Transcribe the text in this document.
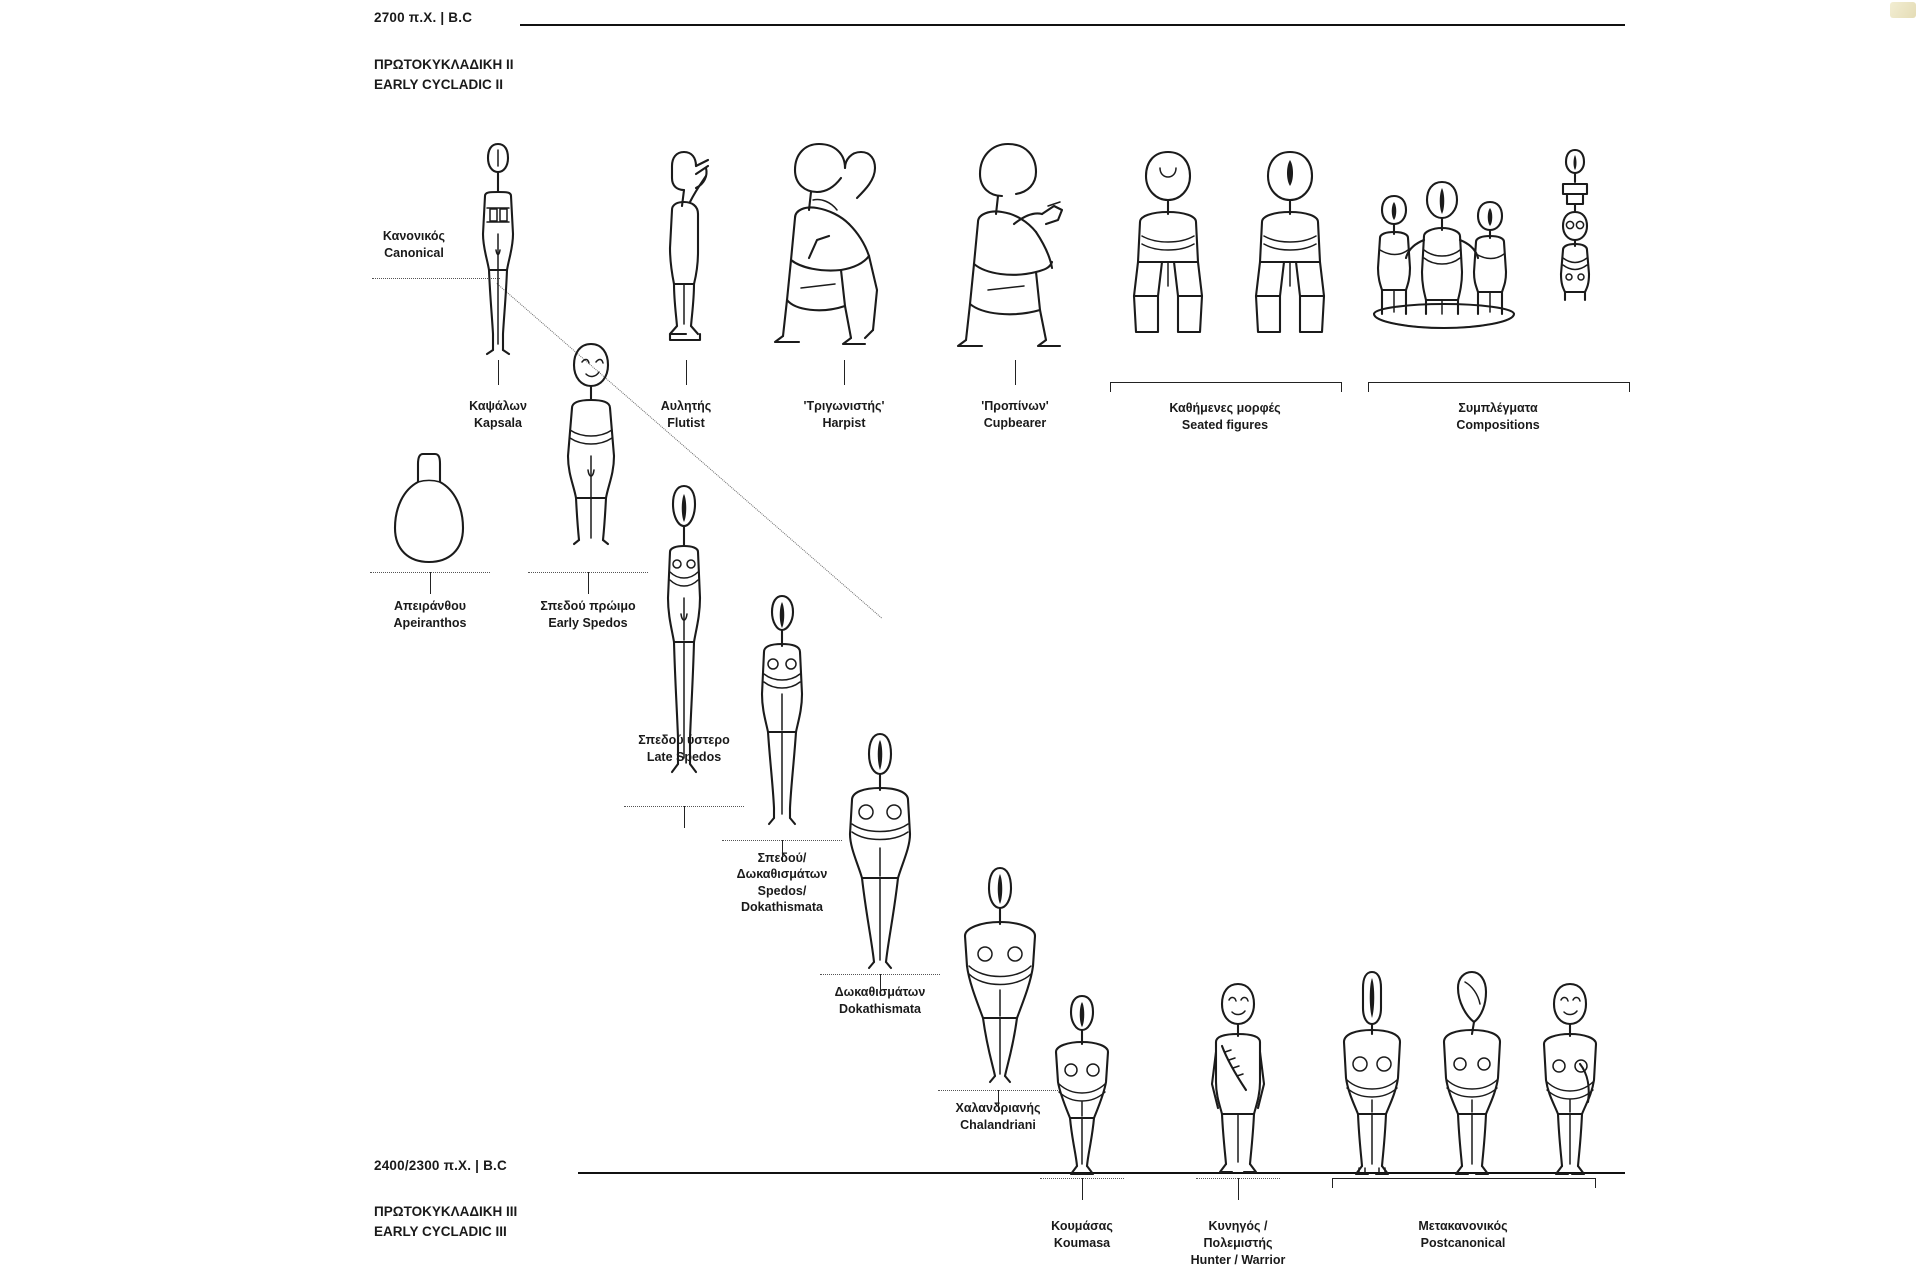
2700 π.Χ. | B.C
ΠΡΩΤΟΚΥΚΛΑΔΙΚΗ ΙΙ
EARLY CYCLADIC II
2400/2300 π.Χ. | B.C
ΠΡΩΤΟΚΥΚΛΑΔΙΚΗ ΙΙΙ
EARLY CYCLADIC III
Καψάλων
Kapsala
Κανονικός
Canonical
Αυλητής
Flutist
'Τριγωνιστής'
Harpist
'Προπίνων'
Cupbearer
Καθήμενες μορφές
Seated figures
Συμπλέγματα
Compositions
Απειράνθου
Apeiranthos
Σπεδού πρώιμο
Early Spedos
Σπεδού ύστερο
Late Spedos
Σπεδού/
Δωκαθισμάτων
Spedos/
Dokathismata
Δωκαθισμάτων
Dokathismata
Χαλανδριανής
Chalandriani
Κουμάσας
Koumasa
Κυνηγός /
Πολεμιστής
Hunter / Warrior
Μετακανονικός
Postcanonical
